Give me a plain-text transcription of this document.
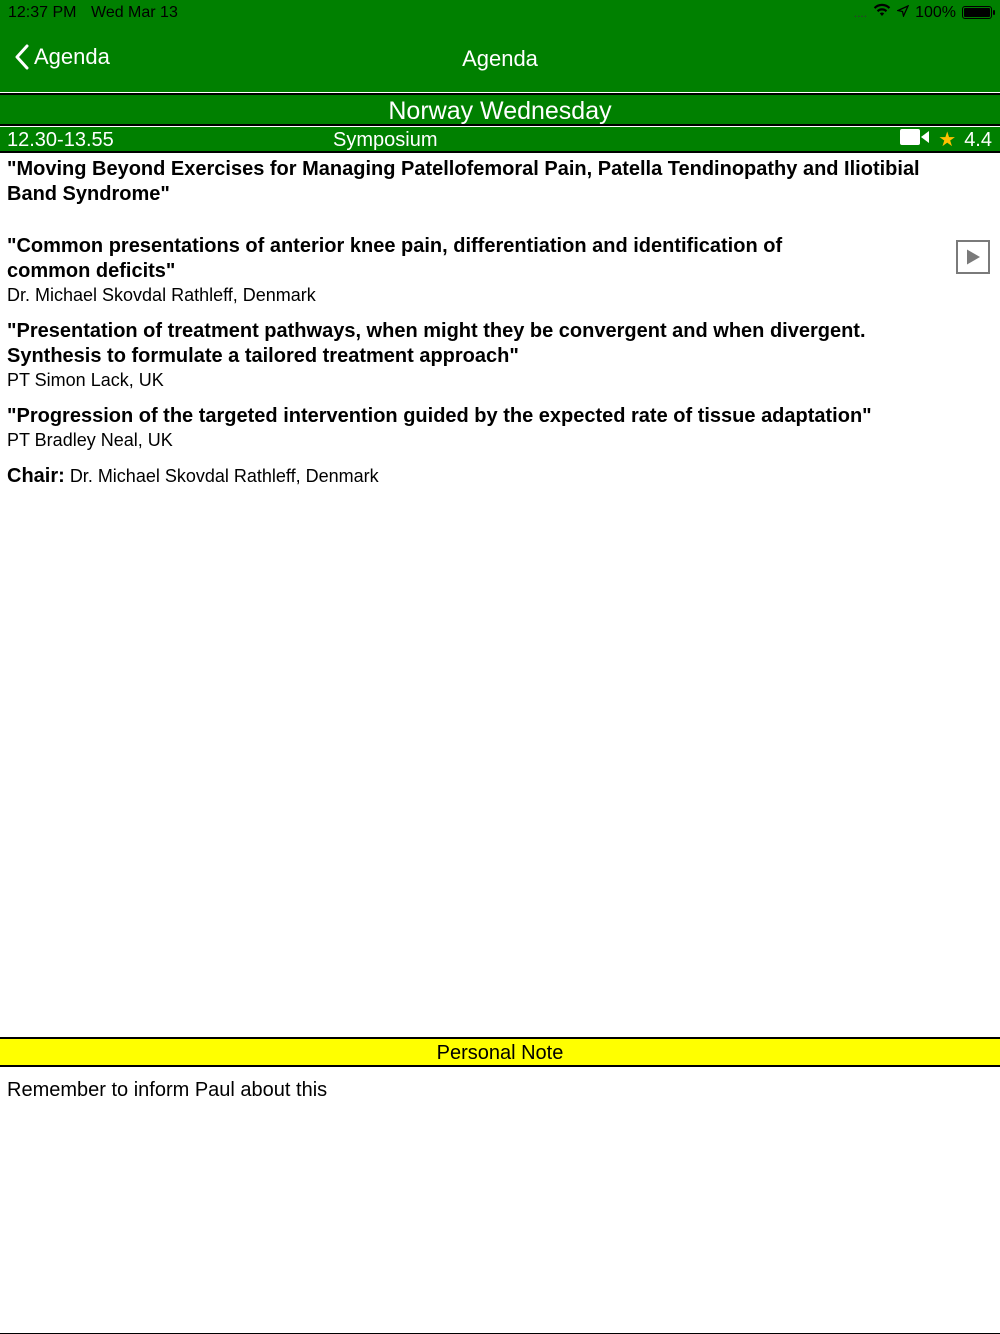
12:37 PM Wed Mar 13	....	100%
Agenda	Agenda
Norway Wednesday
12.30-13.55	Symposium	★ 4.4

"Moving Beyond Exercises for Managing Patellofemoral Pain, Patella Tendinopathy and Iliotibial Band Syndrome"

"Common presentations of anterior knee pain, differentiation and identification of common deficits"

Dr. Michael Skovdal Rathleff, Denmark

"Presentation of treatment pathways, when might they be convergent and when divergent. Synthesis to formulate a tailored treatment approach"

PT Simon Lack, UK

"Progression of the targeted intervention guided by the expected rate of tissue adaptation"

PT Bradley Neal, UK

Chair: Dr. Michael Skovdal Rathleff, Denmark
Personal Note
Remember to inform Paul about this
